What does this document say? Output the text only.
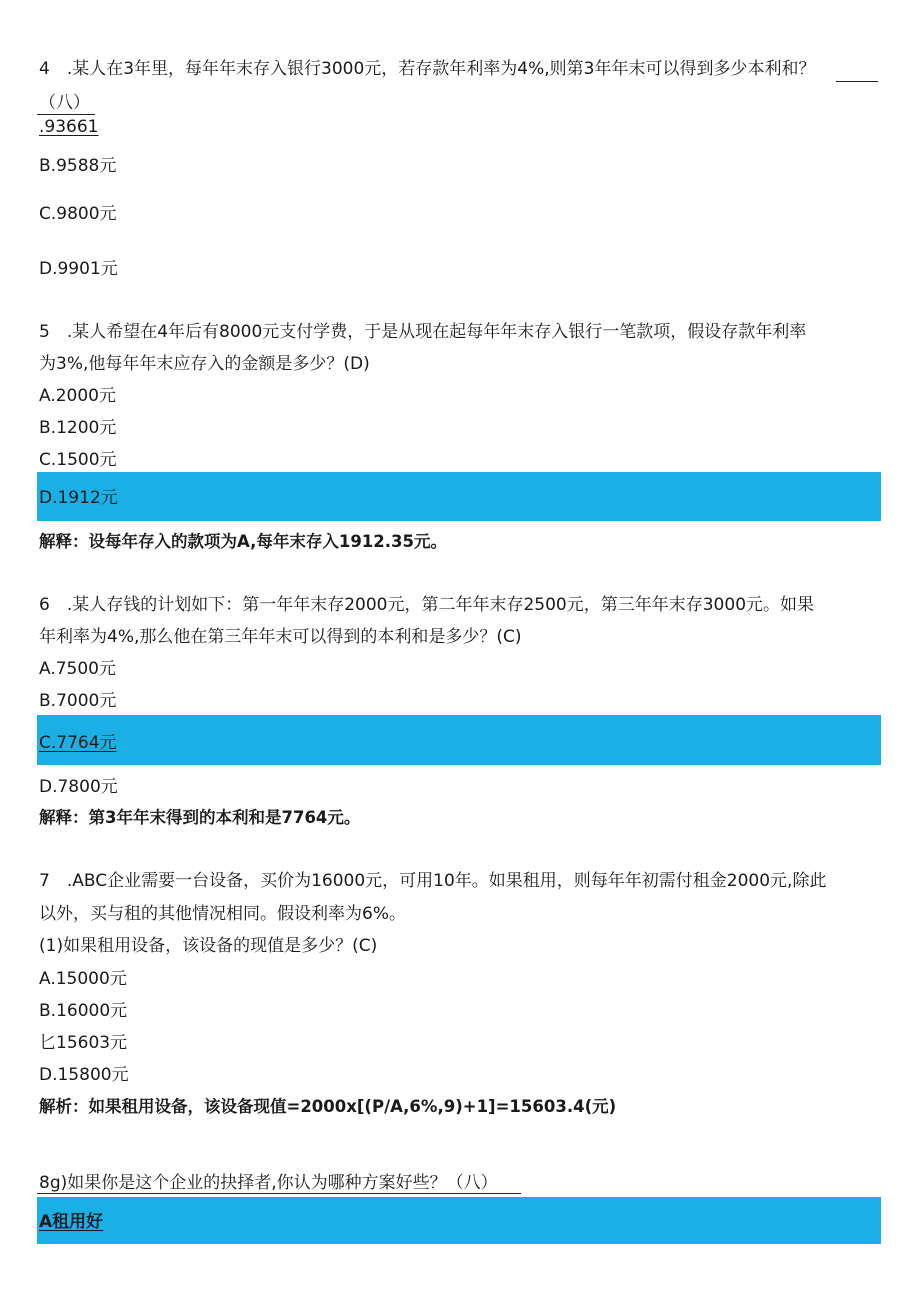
4　.某人在3年里，每年年末存入银行3000元，若存款年利率为4%,则第3年年末可以得到多少本利和？
（八）
.93661
B.9588元
C.9800元
D.9901元
5　.某人希望在4年后有8000元支付学费，于是从现在起每年年末存入银行一笔款项，假设存款年利率
为3%,他每年年末应存入的金额是多少？(D)
A.2000元
B.1200元
C.1500元
D.1912元
解释：设每年存入的款项为A,每年末存入1912.35元。
6　.某人存钱的计划如下：第一年年末存2000元，第二年年末存2500元，第三年年末存3000元。如果
年利率为4%,那么他在第三年年末可以得到的本利和是多少？(C)
A.7500元
B.7000元
C.7764元
D.7800元
解释：第3年年末得到的本利和是7764元。
7　.ABC企业需要一台设备，买价为16000元，可用10年。如果租用，则每年年初需付租金2000元,除此
以外，买与租的其他情况相同。假设利率为6%。
(1)如果租用设备，该设备的现值是多少？(C)
A.15000元
B.16000元
匕15603元
D.15800元
解析：如果租用设备，该设备现值=2000x[(P/A,6%,9)+1]=15603.4(元)
8g)如果你是这个企业的抉择者,你认为哪种方案好些？（八）
A租用好
